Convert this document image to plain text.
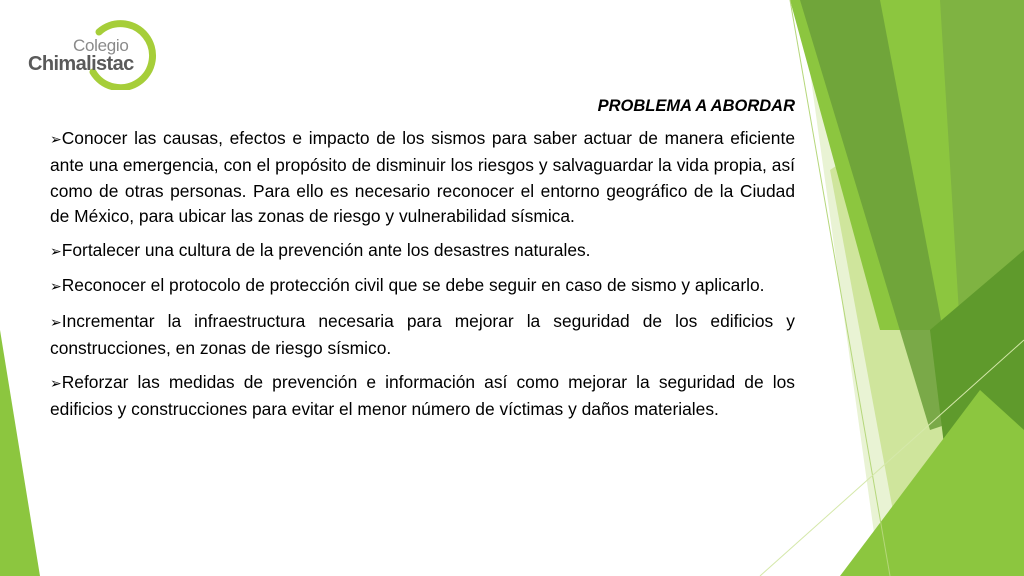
Colegio
Chimalistac

PROBLEMA A ABORDAR

➢Conocer las causas, efectos e impacto de los sismos para saber actuar de manera eficiente ante una emergencia, con el propósito de disminuir los riesgos y salvaguardar la vida propia, así como de otras personas. Para ello es necesario reconocer el entorno geográfico de la Ciudad de México, para ubicar las zonas de riesgo y vulnerabilidad sísmica.

➢Fortalecer una cultura de la prevención ante los desastres naturales.

➢Reconocer el protocolo de protección civil que se debe seguir en caso de sismo y aplicarlo.

➢Incrementar la infraestructura necesaria para mejorar la seguridad de los edificios y construcciones, en zonas de riesgo sísmico.

➢Reforzar las medidas de prevención e información así como mejorar la seguridad de los edificios y construcciones para evitar el menor número de víctimas y daños materiales.
